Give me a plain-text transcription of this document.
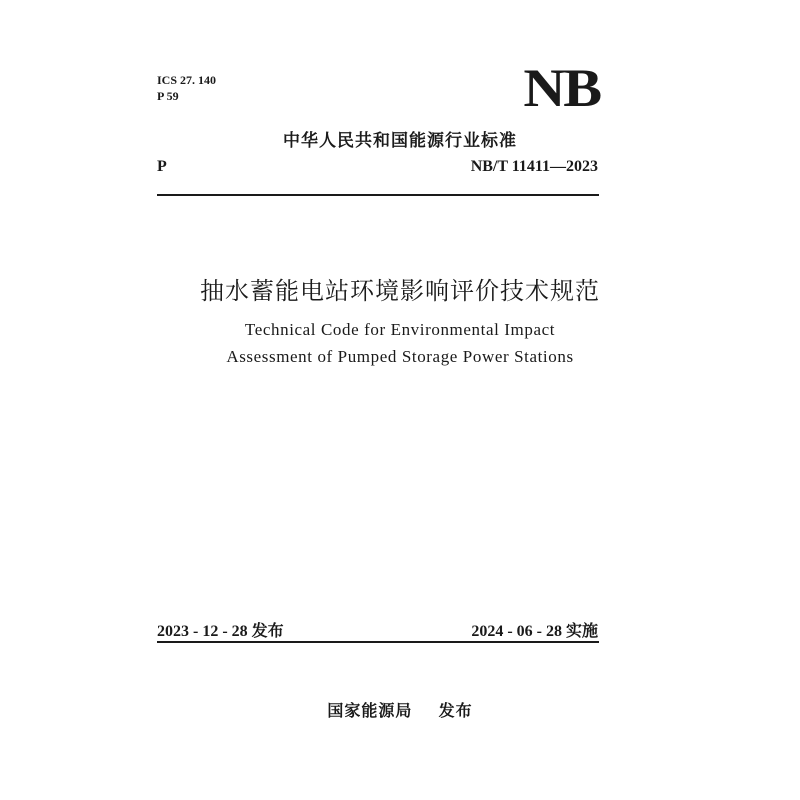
ICS 27. 140
P 59	NB
中华人民共和国能源行业标准
P	NB/T 11411—2023
抽水蓄能电站环境影响评价技术规范
Technical Code for Environmental Impact
Assessment of Pumped Storage Power Stations
2023 - 12 - 28 发布	2024 - 06 - 28 实施
国家能源局    发布
